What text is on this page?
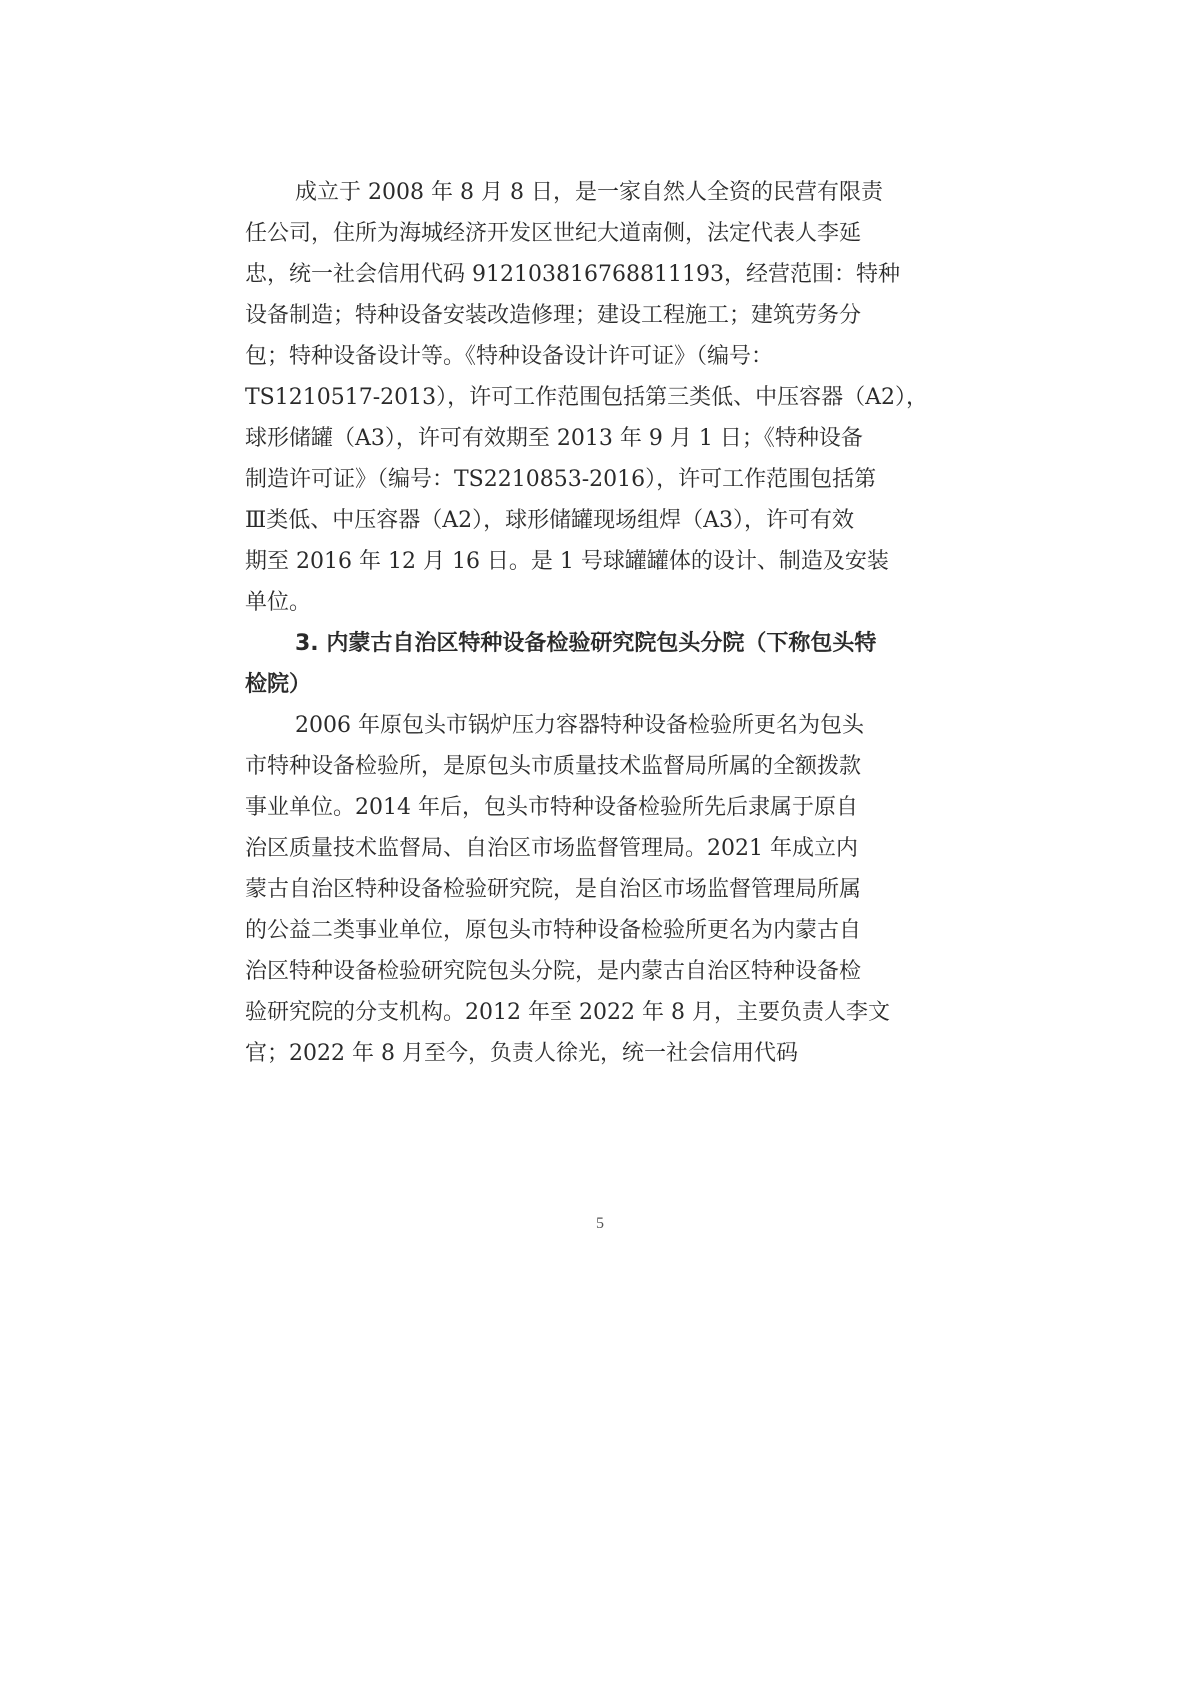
成立于 2008 年 8 月 8 日，是一家自然人全资的民营有限责
任公司，住所为海城经济开发区世纪大道南侧，法定代表人李延
忠，统一社会信用代码 912103816768811193，经营范围：特种
设备制造；特种设备安装改造修理；建设工程施工；建筑劳务分
包；特种设备设计等。《特种设备设计许可证》（编号：
TS1210517-2013），许可工作范围包括第三类低、中压容器（A2），
球形储罐（A3），许可有效期至 2013 年 9 月 1 日；《特种设备
制造许可证》（编号：TS2210853-2016），许可工作范围包括第
Ⅲ类低、中压容器（A2），球形储罐现场组焊（A3），许可有效
期至 2016 年 12 月 16 日。是 1 号球罐罐体的设计、制造及安装
单位。
3. 内蒙古自治区特种设备检验研究院包头分院（下称包头特
检院）
2006 年原包头市锅炉压力容器特种设备检验所更名为包头
市特种设备检验所，是原包头市质量技术监督局所属的全额拨款
事业单位。2014 年后，包头市特种设备检验所先后隶属于原自
治区质量技术监督局、自治区市场监督管理局。2021 年成立内
蒙古自治区特种设备检验研究院，是自治区市场监督管理局所属
的公益二类事业单位，原包头市特种设备检验所更名为内蒙古自
治区特种设备检验研究院包头分院，是内蒙古自治区特种设备检
验研究院的分支机构。2012 年至 2022 年 8 月，主要负责人李文
官；2022 年 8 月至今，负责人徐光，统一社会信用代码
5
